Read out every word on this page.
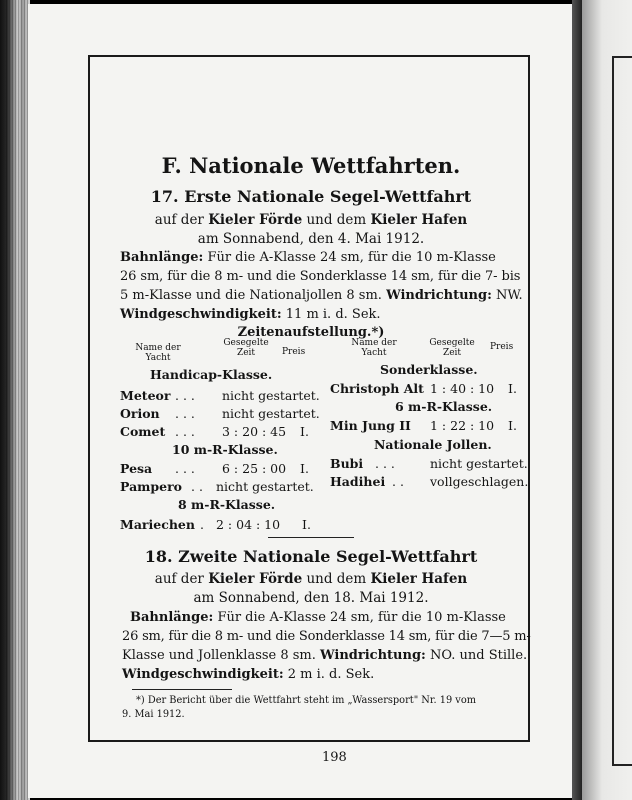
F. Nationale Wettfahrten.
17. Erste Nationale Segel-Wettfahrt
auf der Kieler Förde und dem Kieler Hafen
am Sonnabend, den 4. Mai 1912.
Bahnlänge: Für die A-Klasse 24 sm, für die 10 m-Klasse
26 sm, für die 8 m- und die Sonderklasse 14 sm, für die 7- bis
5 m-Klasse und die Nationaljollen 8 sm. Windrichtung: NW.
Windgeschwindigkeit: 11 m i. d. Sek.
Zeitenaufstellung.*)
Name der
Yacht
Gesegelte
Zeit	Preis
Name der
Yacht
Gesegelte
Zeit
Preis
Handicap-Klasse.
Meteor . . . nicht gestartet.
Orion . . . nicht gestartet.
Comet . . . 3 : 20 : 45 I.
10 m-R-Klasse.
Pesa . . . 6 : 25 : 00 I.
Pampero . . nicht gestartet.
8 m-R-Klasse.
Mariechen . 2 : 04 : 10 I.
Sonderklasse.
Christoph Alt 1 : 40 : 10 I.
6 m-R-Klasse.
Min Jung II 1 : 22 : 10 I.
Nationale Jollen.
Bubi . . .	nicht gestartet.
Hadihei . . vollgeschlagen.
18. Zweite Nationale Segel-Wettfahrt
auf der Kieler Förde und dem Kieler Hafen
am Sonnabend, den 18. Mai 1912.
Bahnlänge: Für die A-Klasse 24 sm, für die 10 m-Klasse
26 sm, für die 8 m- und die Sonderklasse 14 sm, für die 7—5 m-
Klasse und Jollenklasse 8 sm. Windrichtung: NO. und Stille.
Windgeschwindigkeit: 2 m i. d. Sek.
*) Der Bericht über die Wettfahrt steht im „Wassersport" Nr. 19 vom
9. Mai 1912.
198
